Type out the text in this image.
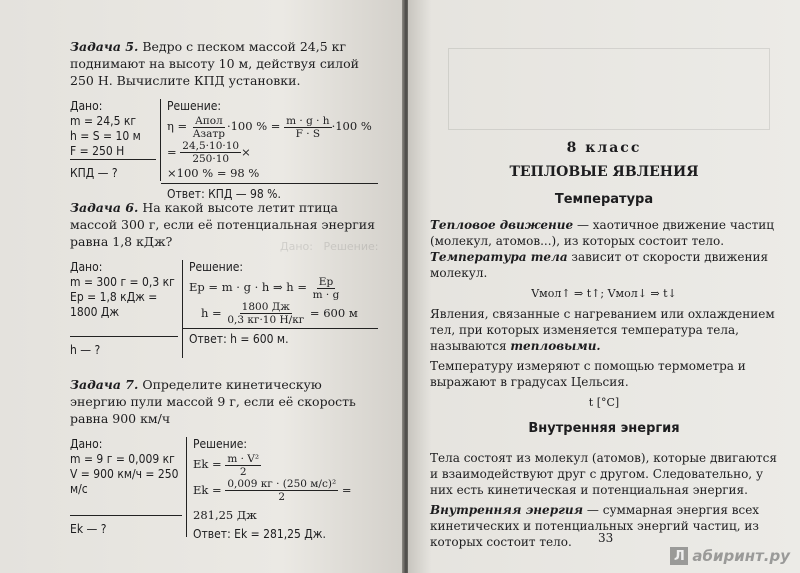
Дано:   Решение:

Задача 5. Ведро с песком массой 24,5 кг поднимают на высоту 10 м, действуя силой 250 Н. Вычислите КПД установки.

Дано:
m = 24,5 кг
h = S = 10 м
F = 250 Н
КПД — ?
Решение:
$\eta = \frac{\text{Aпол}}{\text{Aзатр}} \cdot 100$ % = $\frac{m \cdot g \cdot h}{F \cdot S} \cdot 100$ % = $\frac{24,5\cdot 10\cdot 10}{250\cdot 10}$ ×
×100 % = 98 %
Ответ: КПД — 98 %.

Задача 6. На какой высоте летит птица массой 300 г, если её потенциальная энергия равна 1,8 кДж?

Дано:
m = 300 г = 0,3 кг
Ep = 1,8 кДж = 1800 Дж
h — ?
Решение:
Ep = m · g · h ⇒ $h = \frac{Ep}{m \cdot g}$
$h = \frac{1800 Дж}{0,3 кг\cdot 10 Н/кг} = 600$ м
Ответ: h = 600 м.

Задача 7. Определите кинетическую энергию пули массой 9 г, если её скорость равна 900 км/ч

Дано:
m = 9 г = 0,009 кг
V = 900 км/ч = 250 м/с
Ek — ?
Решение:
$Ek = \frac{\text{m · V²}}{2}$
$Ek = \frac{\text{0,009 кг · (250 м/с)²}}{2} = 281,25$ Дж
Ответ: Ek = 281,25 Дж.
8 класс
ТЕПЛОВЫЕ ЯВЛЕНИЯ
Температура

Тепловое движение — хаотичное движение частиц (молекул, атомов...), из которых состоит тело.

Температура тела зависит от скорости движения молекул.

Vмол↑ ⇒ t↑; Vмол↓ ⇒ t↓

Явления, связанные с нагреванием или охлаждением тел, при которых изменяется температура тела, называются тепловыми.

Температуру измеряют с помощью термометра и выражают в градусах Цельсия.

t [°C]
Внутренняя энергия

Тела состоят из молекул (атомов), которые двигаются и взаимодействуют друг с другом. Следовательно, у них есть кинетическая и потенциальная энергия.

Внутренняя энергия — суммарная энергия всех кинетических и потенциальных энергий частиц, из которых состоит тело.	33
Л абиринт.ру
